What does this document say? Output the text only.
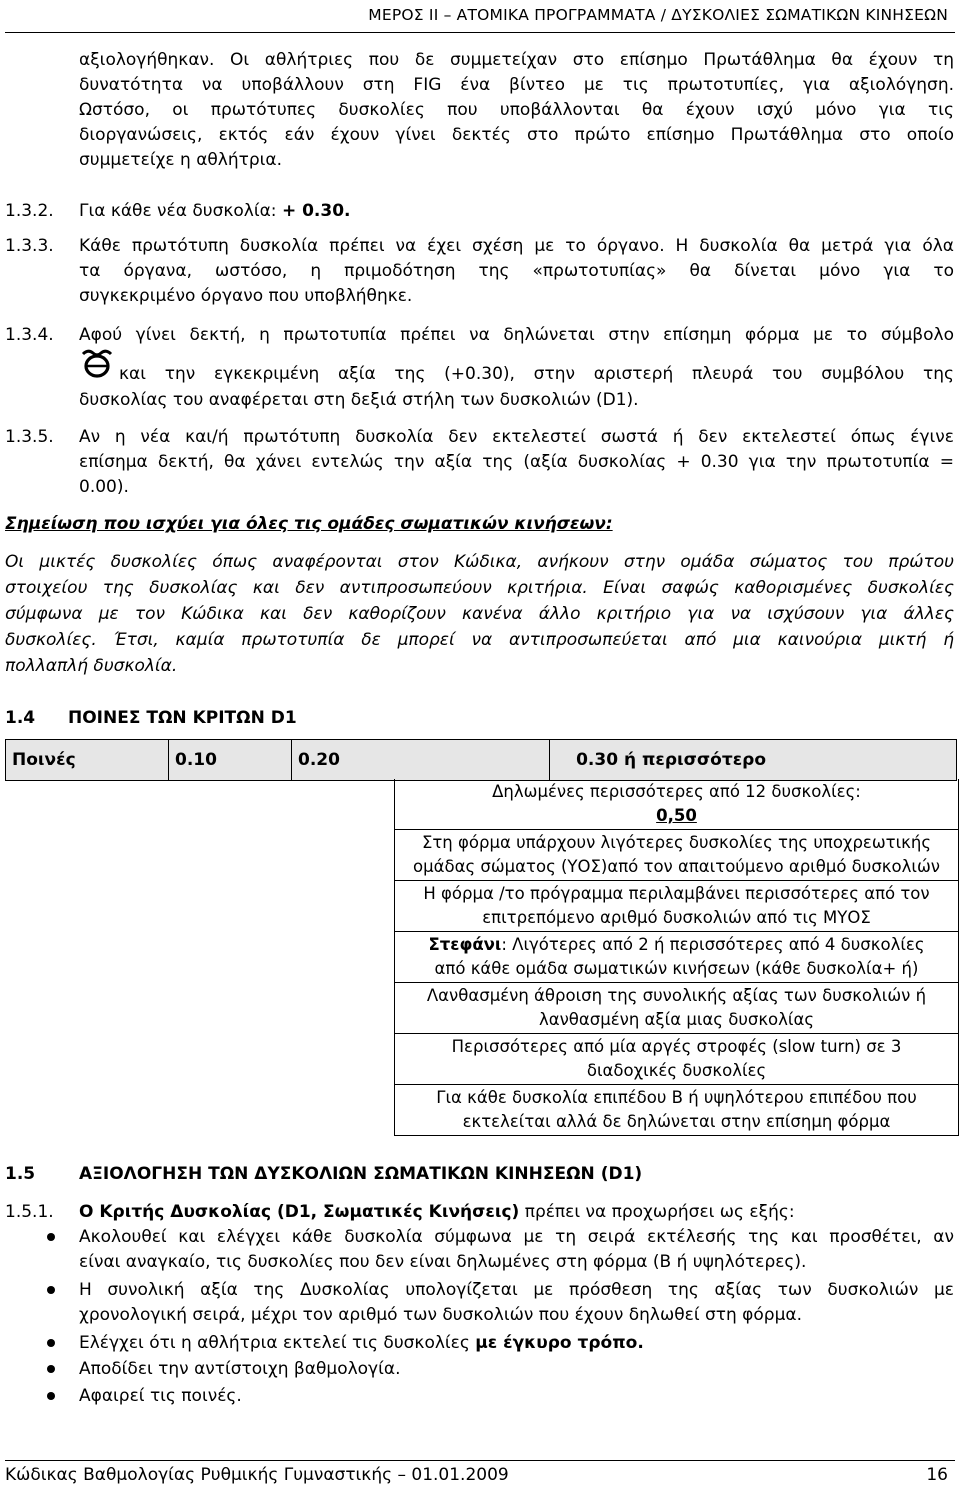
ΜΕΡΟΣ ΙΙ – ΑΤΟΜΙΚΑ ΠΡΟΓΡΑΜΜΑΤΑ / ΔΥΣΚΟΛΙΕΣ ΣΩΜΑΤΙΚΩΝ ΚΙΝΗΣΕΩΝ
αξιολογήθηκαν. Οι αθλήτριες που δε συμμετείχαν στο επίσημο Πρωτάθλημα θα έχουν τη
δυνατότητα να υποβάλλουν στη FIG ένα βίντεο με τις πρωτοτυπίες, για αξιολόγηση.
Ωστόσο, οι πρωτότυπες δυσκολίες που υποβάλλονται θα έχουν ισχύ μόνο για τις
διοργανώσεις, εκτός εάν έχουν γίνει δεκτές στο πρώτο επίσημο Πρωτάθλημα στο οποίο
συμμετείχε η αθλήτρια.
1.3.2. Για κάθε νέα δυσκολία: + 0.30.
1.3.3. Κάθε πρωτότυπη δυσκολία πρέπει να έχει σχέση με το όργανο. Η δυσκολία θα μετρά για όλα
τα όργανα, ωστόσο, η πριμοδότηση της «πρωτοτυπίας» θα δίνεται μόνο για το
συγκεκριμένο όργανο που υποβλήθηκε.
1.3.4. Αφού γίνει δεκτή, η πρωτοτυπία πρέπει να δηλώνεται στην επίσημη φόρμα με το σύμβολο
και την εγκεκριμένη αξία της (+0.30), στην αριστερή πλευρά του συμβόλου της
δυσκολίας του αναφέρεται στη δεξιά στήλη των δυσκολιών (D1).
1.3.5. Αν η νέα και/ή πρωτότυπη δυσκολία δεν εκτελεστεί σωστά ή δεν εκτελεστεί όπως έγινε
επίσημα δεκτή, θα χάνει εντελώς την αξία της (αξία δυσκολίας + 0.30 για την πρωτοτυπία =
0.00).
Σημείωση που ισχύει για όλες τις ομάδες σωματικών κινήσεων:
Οι μικτές δυσκολίες όπως αναφέρονται στον Κώδικα, ανήκουν στην ομάδα σώματος του πρώτου
στοιχείου της δυσκολίας και δεν αντιπροσωπεύουν κριτήρια. Είναι σαφώς καθορισμένες δυσκολίες
σύμφωνα με τον Κώδικα και δεν καθορίζουν κανένα άλλο κριτήριο για να ισχύσουν για άλλες
δυσκολίες. Έτσι, καμία πρωτοτυπία δε μπορεί να αντιπροσωπεύεται από μια καινούρια μικτή ή
πολλαπλή δυσκολία.
1.4 ΠΟΙΝΕΣ ΤΩΝ ΚΡΙΤΩΝ D1
Ποινές	0.10	0.20	0.30 ή περισσότερο
Δηλωμένες περισσότερες από 12 δυσκολίες:
0,50
Στη φόρμα υπάρχουν λιγότερες δυσκολίες της υποχρεωτικής
ομάδας σώματος (ΥΟΣ)από τον απαιτούμενο αριθμό δυσκολιών
Η φόρμα /το πρόγραμμα περιλαμβάνει περισσότερες από τον
επιτρεπόμενο αριθμό δυσκολιών από τις ΜΥΟΣ
Στεφάνι: Λιγότερες από 2 ή περισσότερες από 4 δυσκολίες
από κάθε ομάδα σωματικών κινήσεων (κάθε δυσκολία+ ή)
Λανθασμένη άθροιση της συνολικής αξίας των δυσκολιών ή
λανθασμένη αξία μιας δυσκολίας
Περισσότερες από μία αργές στροφές (slow turn) σε 3
διαδοχικές δυσκολίες
Για κάθε δυσκολία επιπέδου Β ή υψηλότερου επιπέδου που
εκτελείται αλλά δε δηλώνεται στην επίσημη φόρμα
1.5	ΑΞΙΟΛΟΓΗΣΗ ΤΩΝ ΔΥΣΚΟΛΙΩΝ ΣΩΜΑΤΙΚΩΝ ΚΙΝΗΣΕΩΝ (D1)
1.5.1. Ο Κριτής Δυσκολίας (D1, Σωματικές Κινήσεις) πρέπει να προχωρήσει ως εξής:
Ακολουθεί και ελέγχει κάθε δυσκολία σύμφωνα με τη σειρά εκτέλεσής της και προσθέτει, αν
είναι αναγκαίο, τις δυσκολίες που δεν είναι δηλωμένες στη φόρμα (Β ή υψηλότερες).
Η συνολική αξία της Δυσκολίας υπολογίζεται με πρόσθεση της αξίας των δυσκολιών με
χρονολογική σειρά, μέχρι τον αριθμό των δυσκολιών που έχουν δηλωθεί στη φόρμα.
Ελέγχει ότι η αθλήτρια εκτελεί τις δυσκολίες με έγκυρο τρόπο.
Αποδίδει την αντίστοιχη βαθμολογία.
Αφαιρεί τις ποινές.
Κώδικας Βαθμολογίας Ρυθμικής Γυμναστικής – 01.01.2009	16
